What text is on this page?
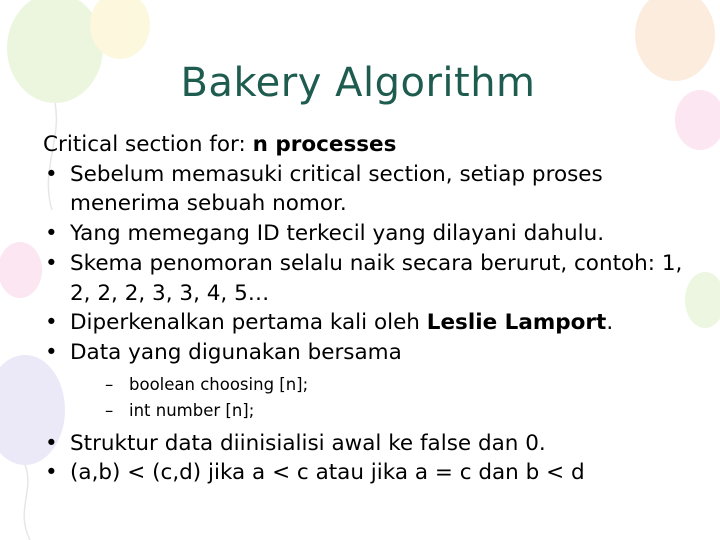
Bakery Algorithm

Critical section for: n processes

• Sebelum memasuki critical section, setiap proses menerima sebuah nomor.
• Yang memegang ID terkecil yang dilayani dahulu.
• Skema penomoran selalu naik secara berurut, contoh: 1, 2, 2, 2, 3, 3, 4, 5…
• Diperkenalkan pertama kali oleh Leslie Lamport.
• Data yang digunakan bersama
– boolean choosing [n];
– int number [n];
• Struktur data diinisialisi awal ke false dan 0.
• (a,b) < (c,d) jika a < c atau jika a = c dan b < d
